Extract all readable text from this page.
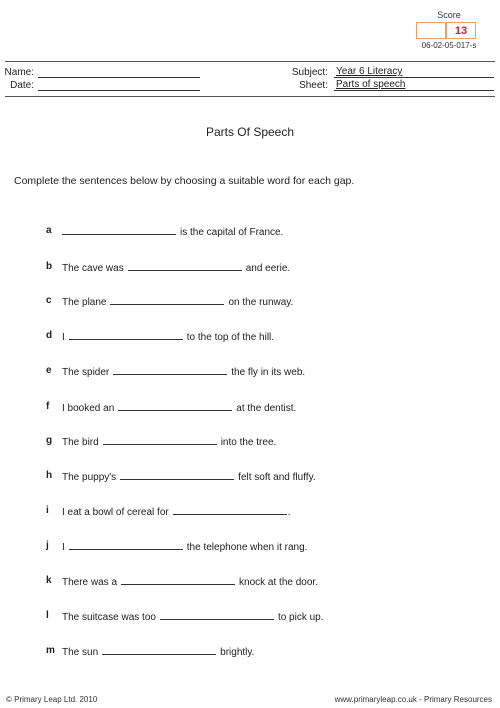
Score
13
06-02-05-017-s
Name:
Date:
Subject: Year 6 Literacy
Sheet: Parts of speech
Parts Of Speech
Complete the sentences below by choosing a suitable word for each gap.
a	is the capital of France.
b The cave was	and eerie.
c The plane	on the runway.
d I	to the top of the hill.
e The spider	the fly in its web.
f I booked an	at the dentist.
g The bird	into the tree.
h The puppy's	felt soft and fluffy.
i I eat a bowl of cereal for	.
j I	the telephone when it rang.
k There was a	knock at the door.
l The suitcase was too	to pick up.
m The sun	brightly.
© Primary Leap Ltd. 2010	www.primaryleap.co.uk - Primary Resources
